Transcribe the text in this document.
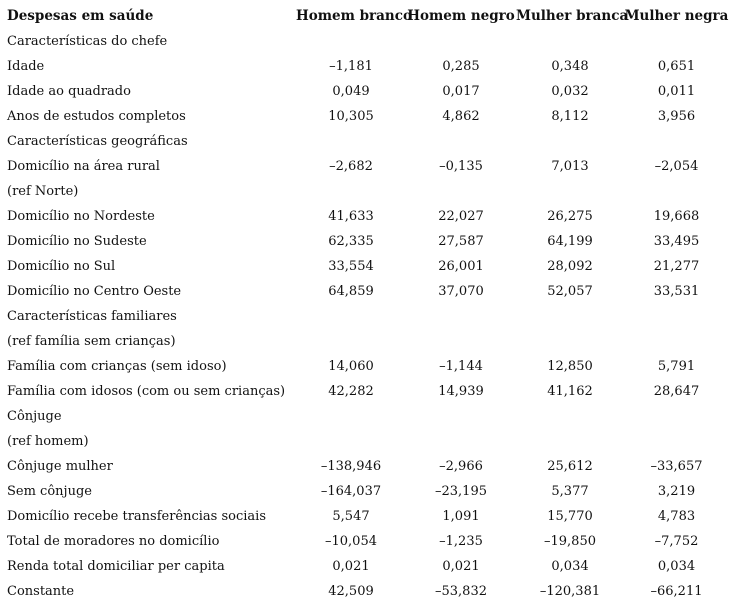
Despesas em saúde	Homem branco	Homem negro	Mulher branca	Mulher negra
Características do chefe				
Idade	–1,181	0,285	0,348	0,651
Idade ao quadrado	0,049	0,017	0,032	0,011
Anos de estudos completos	10,305	4,862	8,112	3,956
Características geográficas				
Domicílio na área rural	–2,682	–0,135	7,013	–2,054
(ref Norte)				
Domicílio no Nordeste	41,633	22,027	26,275	19,668
Domicílio no Sudeste	62,335	27,587	64,199	33,495
Domicílio no Sul	33,554	26,001	28,092	21,277
Domicílio no Centro Oeste	64,859	37,070	52,057	33,531
Características familiares				
(ref família sem crianças)				
Família com crianças (sem idoso)	14,060	–1,144	12,850	5,791
Família com idosos (com ou sem crianças)	42,282	14,939	41,162	28,647
Cônjuge				
(ref homem)				
Cônjuge mulher	–138,946	–2,966	25,612	–33,657
Sem cônjuge	–164,037	–23,195	5,377	3,219
Domicílio recebe transferências sociais	5,547	1,091	15,770	4,783
Total de moradores no domicílio	–10,054	–1,235	–19,850	–7,752
Renda total domiciliar per capita	0,021	0,021	0,034	0,034
Constante	42,509	–53,832	–120,381	–66,211
